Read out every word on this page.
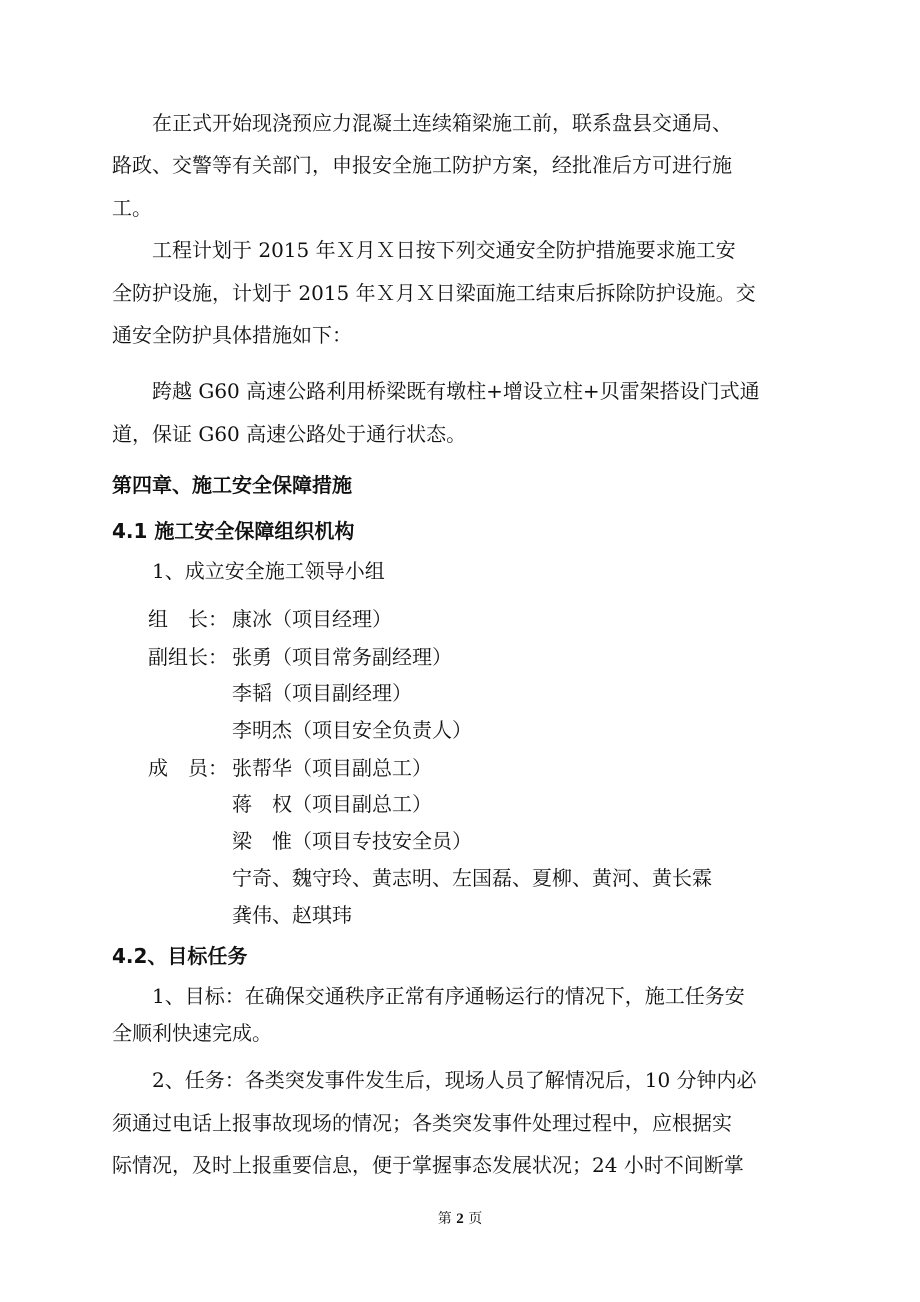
在正式开始现浇预应力混凝土连续箱梁施工前，联系盘县交通局、
路政、交警等有关部门，申报安全施工防护方案，经批准后方可进行施
工。
工程计划于 2015 年Ｘ月Ｘ日按下列交通安全防护措施要求施工安
全防护设施，计划于 2015 年Ｘ月Ｘ日梁面施工结束后拆除防护设施。交
通安全防护具体措施如下：
跨越 G60 高速公路利用桥梁既有墩柱+增设立柱+贝雷架搭设门式通
道，保证 G60 高速公路处于通行状态。
第四章、施工安全保障措施
4.1 施工安全保障组织机构
1、成立安全施工领导小组
组　长： 康冰（项目经理）
副组长： 张勇（项目常务副经理）
李韬（项目副经理）
李明杰（项目安全负责人）
成　员： 张帮华（项目副总工）
蒋　权（项目副总工）
梁　惟（项目专技安全员）
宁奇、魏守玲、黄志明、左国磊、夏柳、黄河、黄长霖
龚伟、赵琪玮
4.2、目标任务
1、目标：在确保交通秩序正常有序通畅运行的情况下，施工任务安
全顺利快速完成。
2、任务：各类突发事件发生后，现场人员了解情况后，10 分钟内必
须通过电话上报事故现场的情况；各类突发事件处理过程中，应根据实
际情况，及时上报重要信息，便于掌握事态发展状况；24 小时不间断掌
第 2 页
